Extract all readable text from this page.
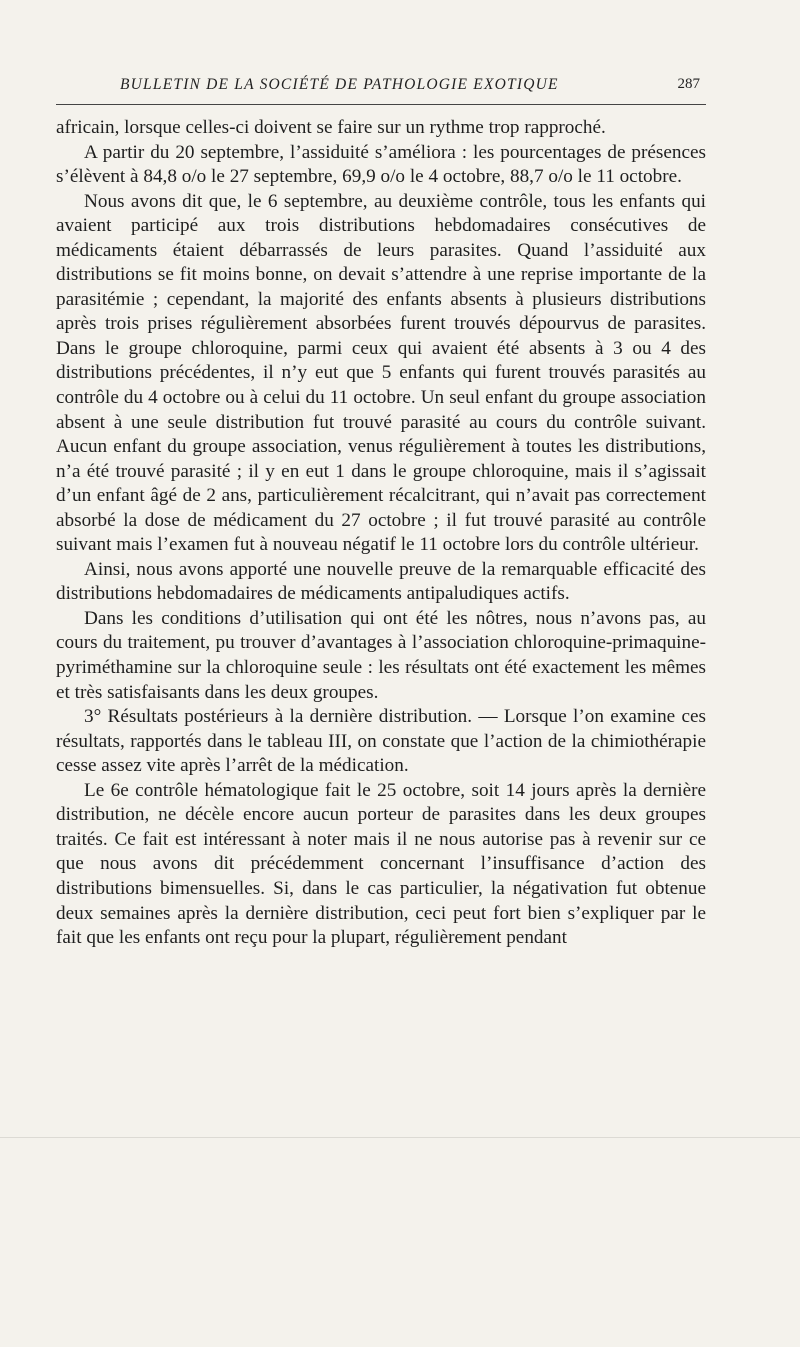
BULLETIN DE LA SOCIÉTÉ DE PATHOLOGIE EXOTIQUE	287

africain, lorsque celles-ci doivent se faire sur un rythme trop rapproché.

A partir du 20 septembre, l’assiduité s’améliora : les pourcentages de présences s’élèvent à 84,8 o/o le 27 septembre, 69,9 o/o le 4 octobre, 88,7 o/o le 11 octobre.

Nous avons dit que, le 6 septembre, au deuxième contrôle, tous les enfants qui avaient participé aux trois distributions hebdomadaires consécutives de médicaments étaient débarrassés de leurs parasites. Quand l’assiduité aux distributions se fit moins bonne, on devait s’attendre à une reprise importante de la parasitémie ; cependant, la majorité des enfants absents à plusieurs distributions après trois prises régulièrement absorbées furent trouvés dépourvus de parasites. Dans le groupe chloroquine, parmi ceux qui avaient été absents à 3 ou 4 des distributions précédentes, il n’y eut que 5 enfants qui furent trouvés parasités au contrôle du 4 octobre ou à celui du 11 octobre. Un seul enfant du groupe association absent à une seule distribution fut trouvé parasité au cours du contrôle suivant. Aucun enfant du groupe association, venus régulièrement à toutes les distributions, n’a été trouvé parasité ; il y en eut 1 dans le groupe chloroquine, mais il s’agissait d’un enfant âgé de 2 ans, particulièrement récalcitrant, qui n’avait pas correctement absorbé la dose de médicament du 27 octobre ; il fut trouvé parasité au contrôle suivant mais l’examen fut à nouveau négatif le 11 octobre lors du contrôle ultérieur.

Ainsi, nous avons apporté une nouvelle preuve de la remarquable efficacité des distributions hebdomadaires de médicaments antipaludiques actifs.

Dans les conditions d’utilisation qui ont été les nôtres, nous n’avons pas, au cours du traitement, pu trouver d’avantages à l’association chloroquine-primaquine-pyriméthamine sur la chloroquine seule : les résultats ont été exactement les mêmes et très satisfaisants dans les deux groupes.

3° Résultats postérieurs à la dernière distribution. — Lorsque l’on examine ces résultats, rapportés dans le tableau III, on constate que l’action de la chimiothérapie cesse assez vite après l’arrêt de la médication.

Le 6e contrôle hématologique fait le 25 octobre, soit 14 jours après la dernière distribution, ne décèle encore aucun porteur de parasites dans les deux groupes traités. Ce fait est intéressant à noter mais il ne nous autorise pas à revenir sur ce que nous avons dit précédemment concernant l’insuffisance d’action des distributions bimensuelles. Si, dans le cas particulier, la négativation fut obtenue deux semaines après la dernière distribution, ceci peut fort bien s’expliquer par le fait que les enfants ont reçu pour la plupart, régulièrement pendant
